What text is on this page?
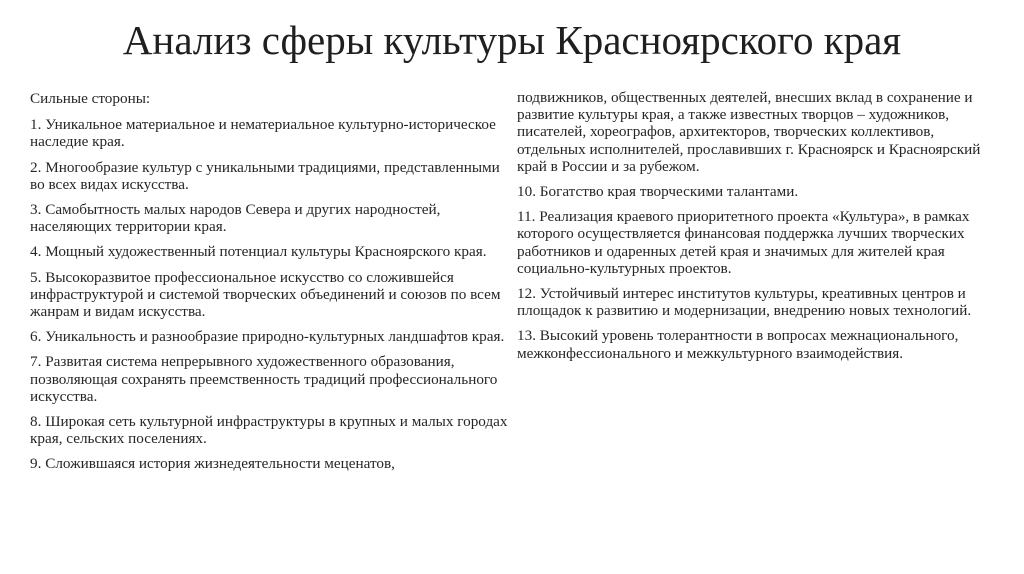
Анализ сферы культуры Красноярского края

Сильные стороны:

1. Уникальное материальное и нематериальное культурно-историческое наследие края.

2. Многообразие культур с уникальными традициями, представленными во всех видах искусства.

3. Самобытность малых народов Севера и других народностей, населяющих территории края.

4. Мощный художественный потенциал культуры Красноярского края.

5. Высокоразвитое профессиональное искусство со сложившейся инфраструктурой и системой творческих объединений и союзов по всем жанрам и видам искусства.

6. Уникальность и разнообразие природно-культурных ландшафтов края.

7. Развитая система непрерывного художественного образования, позволяющая сохранять преемственность традиций профессионального искусства.

8. Широкая сеть культурной инфраструктуры в крупных и малых городах края, сельских поселениях.

9. Сложившаяся история жизнедеятельности меценатов,

подвижников, общественных деятелей, внесших вклад в сохранение и развитие культуры края, а также известных творцов – художников, писателей, хореографов, архитекторов, творческих коллективов, отдельных исполнителей, прославивших г. Красноярск и Красноярский край в России и за рубежом.

10. Богатство края творческими талантами.

11. Реализация краевого приоритетного проекта «Культура», в рамках которого осуществляется финансовая поддержка лучших творческих работников и одаренных детей края и значимых для жителей края социально-культурных проектов.

12. Устойчивый интерес институтов культуры, креативных центров и площадок к развитию и модернизации, внедрению новых технологий.

13. Высокий уровень толерантности в вопросах межнационального, межконфессионального и межкультурного взаимодействия.
